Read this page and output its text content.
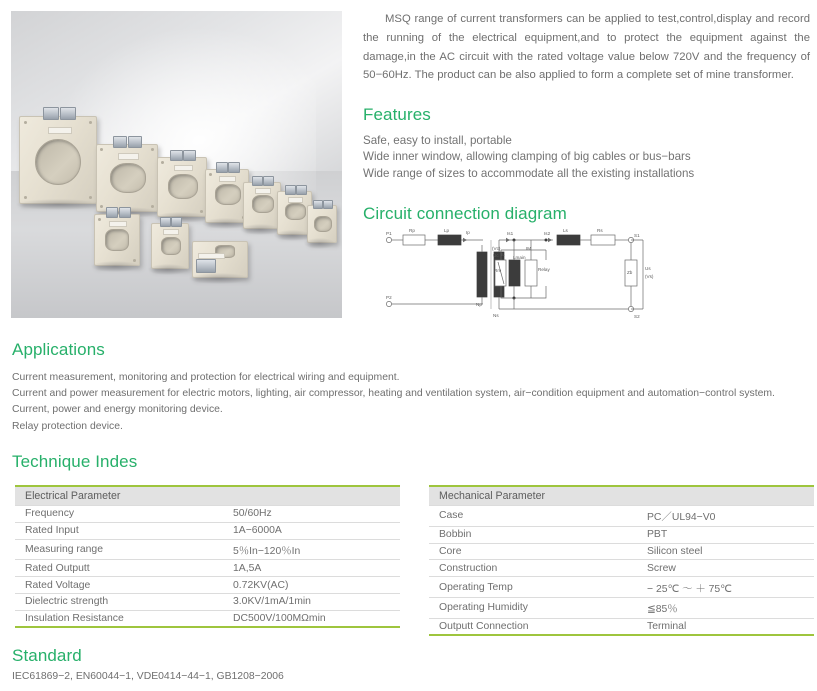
MSQ range of current transformers can be applied to test,control,display and record the running of the electrical equipment,and to protect the equipment against the damage,in the AC circuit with the rated voltage value below 720V and the frequency of 50−60Hz. The product can be also applied to form a complete set of mine transformer.

Features
Safe, easy to install, portable
Wide inner window, allowing clamping of big cables or bus−bars
Wide range of sizes to accommodate all the existing installations
Circuit connection diagram
P1
P2
Rp	Lp	Ip
Np
Ns
(Vc)
Uc
Is1
IL
IM
Lmain
Rm	Relay
Is2
Ls	Rs
S1
S2
Zb
Us
(Vs)
Applications
Current measurement, monitoring and protection for electrical wiring and equipment.
Current and power measurement for electric motors, lighting, air compressor, heating and ventilation system, air−condition equipment and automation−control system.
Current, power and energy monitoring device.
Relay protection device.
Technique Indes
Electrical Parameter	
Frequency	50/60Hz
Rated Input	1A−6000A
Measuring range	5％In−120％In
Rated Outputt	1A,5A
Rated Voltage	0.72KV(AC)
Dielectric strength	3.0KV/1mA/1min
Insulation Resistance	DC500V/100MΩmin
Mechanical Parameter	
Case	PC／UL94−V0
Bobbin	PBT
Core	Silicon steel
Construction	Screw
Operating Temp	− 25℃ ～ ＋ 75℃
Operating Humidity	≦85％
Outputt Connection	Terminal
Standard
IEC61869−2, EN60044−1, VDE0414−44−1, GB1208−2006
